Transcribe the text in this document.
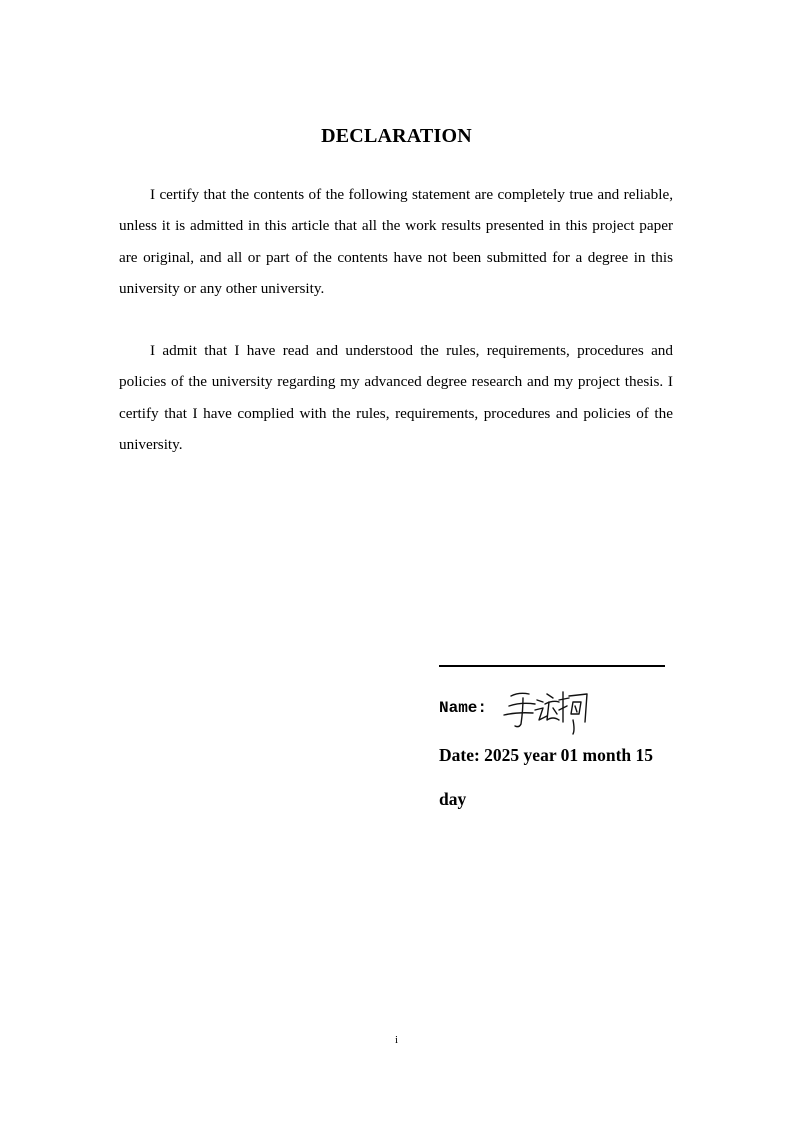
DECLARATION

I certify that the contents of the following statement are completely true and reliable, unless it is admitted in this article that all the work results presented in this project paper are original, and all or part of the contents have not been submitted for a degree in this university or any other university.

I admit that I have read and understood the rules, requirements, procedures and policies of the university regarding my advanced degree research and my project thesis. I certify that I have complied with the rules, requirements, procedures and policies of the university.

Name:

Date: 2025 year 01 month 15 day

i
